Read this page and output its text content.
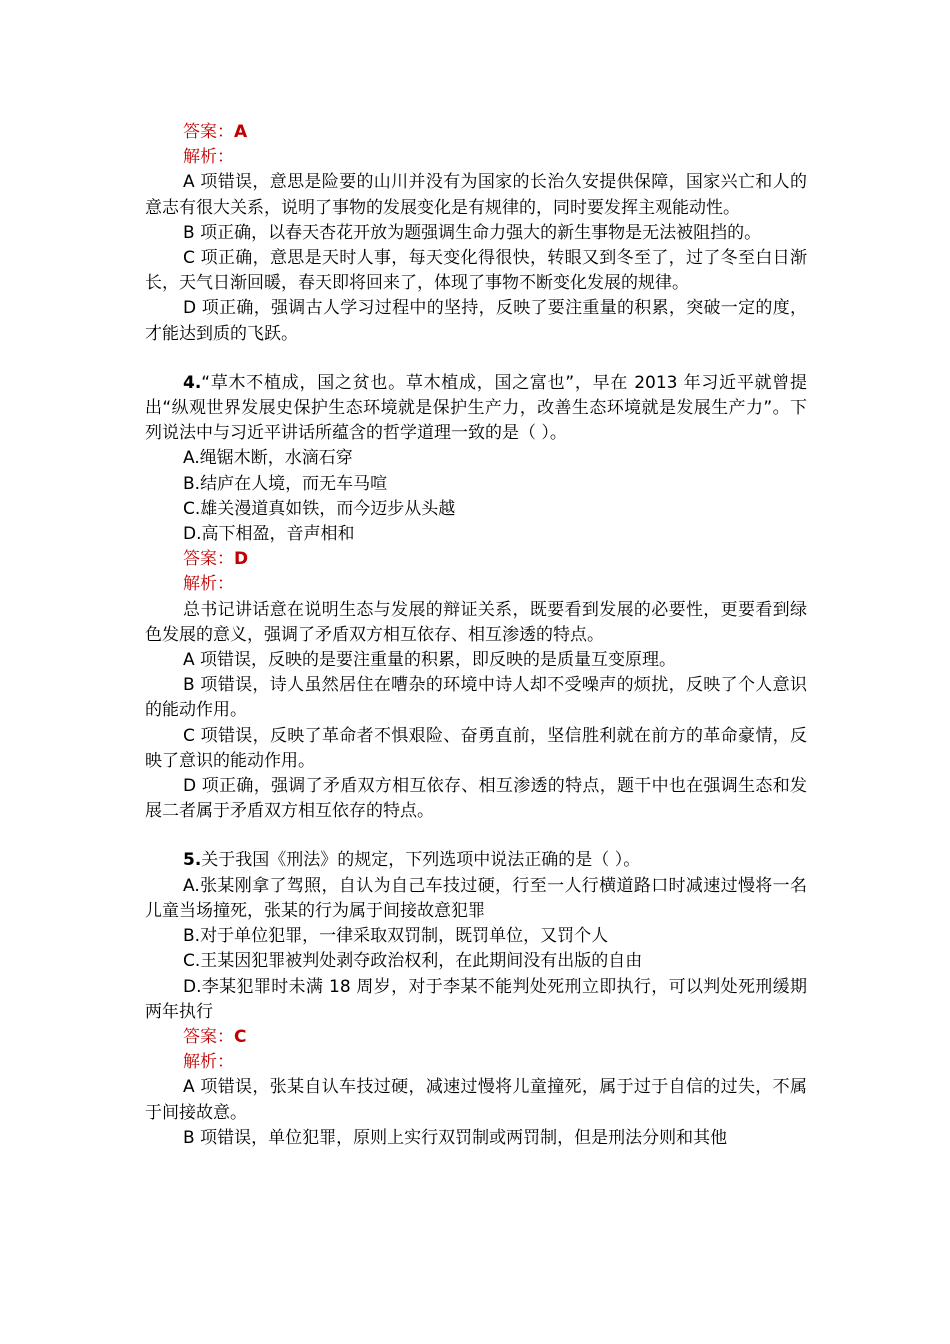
答案：A

解析：

A 项错误，意思是险要的山川并没有为国家的长治久安提供保障，国家兴亡和人的意志有很大关系，说明了事物的发展变化是有规律的，同时要发挥主观能动性。

B 项正确，以春天杏花开放为题强调生命力强大的新生事物是无法被阻挡的。

C 项正确，意思是天时人事，每天变化得很快，转眼又到冬至了，过了冬至白日渐长，天气日渐回暖，春天即将回来了，体现了事物不断变化发展的规律。

D 项正确，强调古人学习过程中的坚持，反映了要注重量的积累，突破一定的度，才能达到质的飞跃。

4.“草木不植成，国之贫也。草木植成，国之富也”，早在 2013 年习近平就曾提出“纵观世界发展史保护生态环境就是保护生产力，改善生态环境就是发展生产力”。下列说法中与习近平讲话所蕴含的哲学道理一致的是（ ）。

A.绳锯木断，水滴石穿

B.结庐在人境，而无车马喧

C.雄关漫道真如铁，而今迈步从头越

D.高下相盈，音声相和

答案：D

解析：

总书记讲话意在说明生态与发展的辩证关系，既要看到发展的必要性，更要看到绿色发展的意义，强调了矛盾双方相互依存、相互渗透的特点。

A 项错误，反映的是要注重量的积累，即反映的是质量互变原理。

B 项错误，诗人虽然居住在嘈杂的环境中诗人却不受噪声的烦扰，反映了个人意识的能动作用。

C 项错误，反映了革命者不惧艰险、奋勇直前，坚信胜利就在前方的革命豪情，反映了意识的能动作用。

D 项正确，强调了矛盾双方相互依存、相互渗透的特点，题干中也在强调生态和发展二者属于矛盾双方相互依存的特点。

5.关于我国《刑法》的规定，下列选项中说法正确的是（ ）。

A.张某刚拿了驾照，自认为自己车技过硬，行至一人行横道路口时减速过慢将一名儿童当场撞死，张某的行为属于间接故意犯罪

B.对于单位犯罪，一律采取双罚制，既罚单位，又罚个人

C.王某因犯罪被判处剥夺政治权利，在此期间没有出版的自由

D.李某犯罪时未满 18 周岁，对于李某不能判处死刑立即执行，可以判处死刑缓期两年执行

答案：C

解析：

A 项错误，张某自认车技过硬，减速过慢将儿童撞死，属于过于自信的过失，不属于间接故意。

B 项错误，单位犯罪，原则上实行双罚制或两罚制，但是刑法分则和其他
